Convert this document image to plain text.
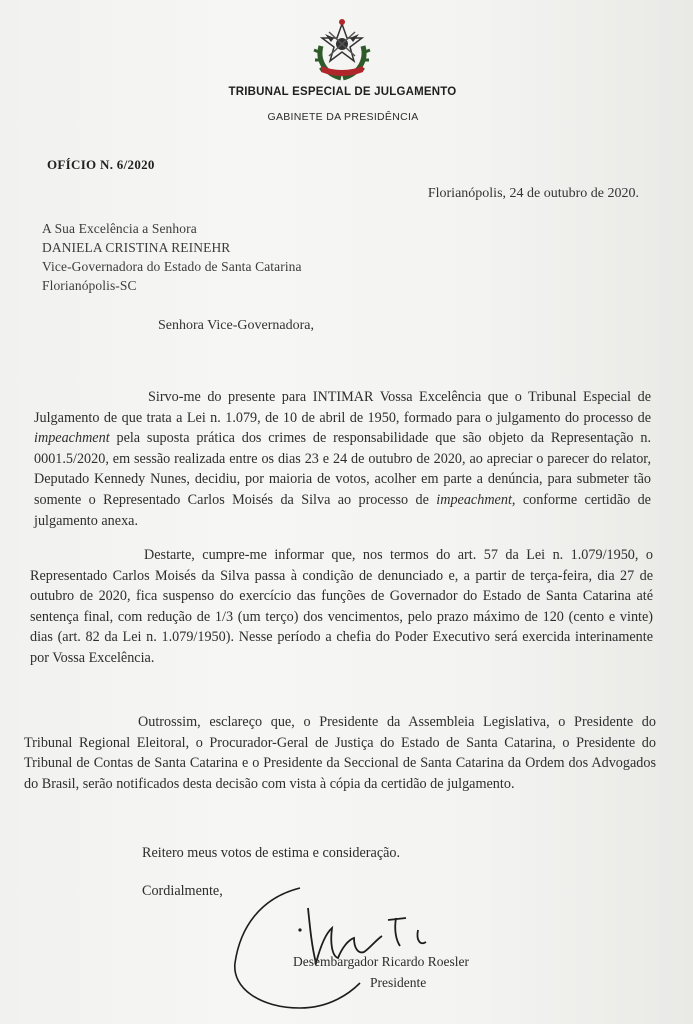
TRIBUNAL ESPECIAL DE JULGAMENTO
GABINETE DA PRESIDÊNCIA
OFÍCIO N. 6/2020
Florianópolis, 24 de outubro de 2020.
A Sua Excelência a Senhora
DANIELA CRISTINA REINEHR
Vice-Governadora do Estado de Santa Catarina
Florianópolis-SC
Senhora Vice-Governadora,
Sirvo-me do presente para INTIMAR Vossa Excelência que o Tribunal Especial de Julgamento de que trata a Lei n. 1.079, de 10 de abril de 1950, formado para o julgamento do processo de impeachment pela suposta prática dos crimes de responsabilidade que são objeto da Representação n. 0001.5/2020, em sessão realizada entre os dias 23 e 24 de outubro de 2020, ao apreciar o parecer do relator, Deputado Kennedy Nunes, decidiu, por maioria de votos, acolher em parte a denúncia, para submeter tão somente o Representado Carlos Moisés da Silva ao processo de impeachment, conforme certidão de julgamento anexa.
Destarte, cumpre-me informar que, nos termos do art. 57 da Lei n. 1.079/1950, o Representado Carlos Moisés da Silva passa à condição de denunciado e, a partir de terça-feira, dia 27 de outubro de 2020, fica suspenso do exercício das funções de Governador do Estado de Santa Catarina até sentença final, com redução de 1/3 (um terço) dos vencimentos, pelo prazo máximo de 120 (cento e vinte) dias (art. 82 da Lei n. 1.079/1950). Nesse período a chefia do Poder Executivo será exercida interinamente por Vossa Excelência.
Outrossim, esclareço que, o Presidente da Assembleia Legislativa, o Presidente do Tribunal Regional Eleitoral, o Procurador-Geral de Justiça do Estado de Santa Catarina, o Presidente do Tribunal de Contas de Santa Catarina e o Presidente da Seccional de Santa Catarina da Ordem dos Advogados do Brasil, serão notificados desta decisão com vista à cópia da certidão de julgamento.
Reitero meus votos de estima e consideração.
Cordialmente,
Desembargador Ricardo Roesler
Presidente
